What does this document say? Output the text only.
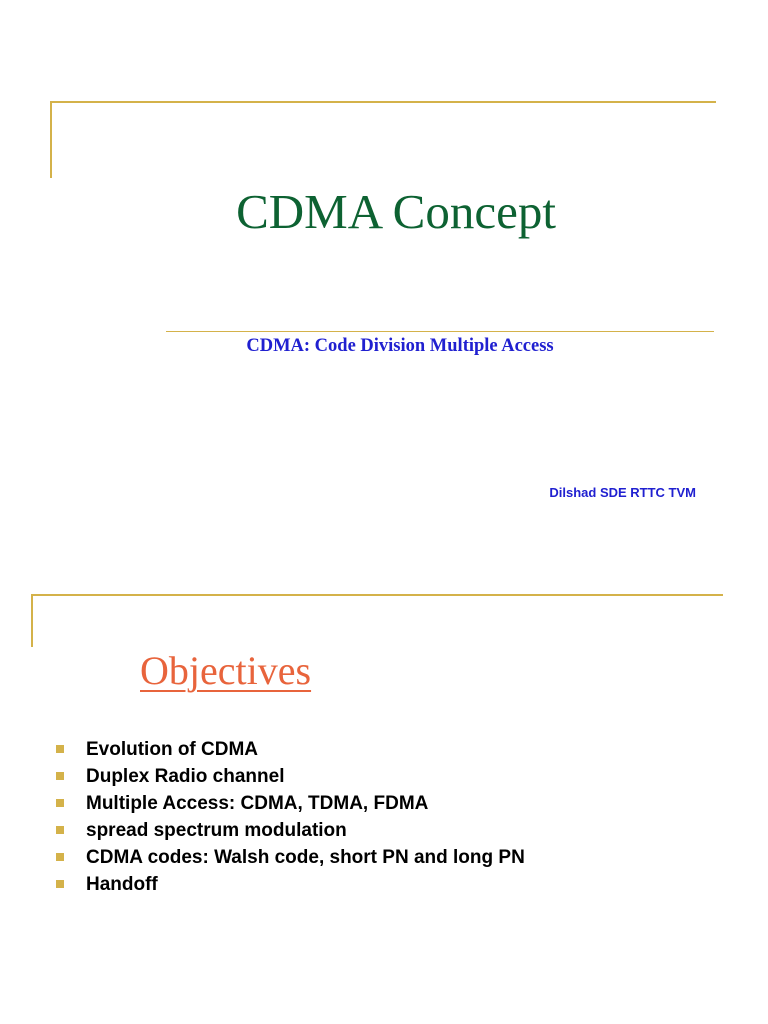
CDMA Concept
CDMA: Code Division Multiple Access
Dilshad SDE RTTC TVM
Objectives
Evolution of CDMA
Duplex Radio channel
Multiple Access: CDMA, TDMA, FDMA
spread spectrum modulation
CDMA codes: Walsh code, short PN and long PN
Handoff
